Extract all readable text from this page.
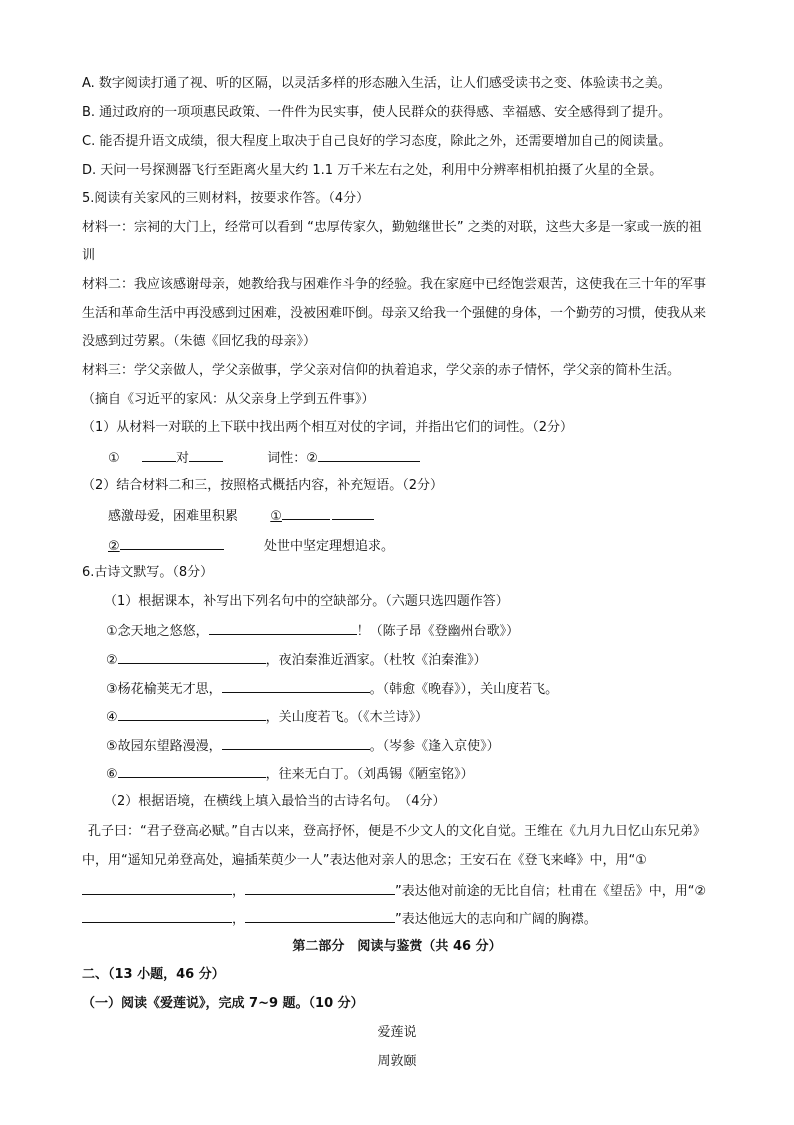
A. 数字阅读打通了视、听的区隔，以灵活多样的形态融入生活，让人们感受读书之变、体验读书之美。
B. 通过政府的一项项惠民政策、一件件为民实事，使人民群众的获得感、幸福感、安全感得到了提升。
C. 能否提升语文成绩，很大程度上取决于自己良好的学习态度，除此之外，还需要增加自己的阅读量。
D. 天问一号探测器飞行至距离火星大约 1.1 万千米左右之处，利用中分辨率相机拍摄了火星的全景。
5.阅读有关家风的三则材料，按要求作答。（4分）
材料一：宗祠的大门上，经常可以看到 “忠厚传家久，勤勉继世长” 之类的对联，这些大多是一家或一族的祖
训
材料二：我应该感谢母亲，她教给我与困难作斗争的经验。我在家庭中已经饱尝艰苦，这使我在三十年的军事
生活和革命生活中再没感到过困难，没被困难吓倒。母亲又给我一个强健的身体，一个勤劳的习惯，使我从来
没感到过劳累。（朱德《回忆我的母亲》）
材料三：学父亲做人，学父亲做事，学父亲对信仰的执着追求，学父亲的赤子情怀，学父亲的简朴生活。
（摘自《习近平的家风：从父亲身上学到五件事》）
（1）从材料一对联的上下联中找出两个相互对仗的字词，并指出它们的词性。（2分）
①	对	词性：②
（2）结合材料二和三，按照格式概括内容，补充短语。（2分）
感激母爱，困难里积累 ①
②	处世中坚定理想追求。
6.古诗文默写。（8分）
（1）根据课本，补写出下列名句中的空缺部分。（六题只选四题作答）
①念天地之悠悠，	！（陈子昂《登幽州台歌》）
②	，夜泊秦淮近酒家。（杜牧《泊秦淮》）
③杨花榆荚无才思，	。（韩愈《晚春》），关山度若飞。
④	，关山度若飞。（《木兰诗》）
⑤故园东望路漫漫，	。（岑参《逢入京使》）
⑥	，往来无白丁。（刘禹锡《陋室铭》）
（2）根据语境，在横线上填入最恰当的古诗名句。　（4分）
孔子曰：“君子登高必赋。”自古以来，登高抒怀，便是不少文人的文化自觉。王维在《九月九日忆山东兄弟》
中，用“遥知兄弟登高处，遍插茱萸少一人”表达他对亲人的思念；王安石在《登飞来峰》中，用“①
，	”表达他对前途的无比自信；杜甫在《望岳》中，用“②
，	”表达他远大的志向和广阔的胸襟。
第二部分　阅读与鉴赏（共 46 分）
二、（13 小题，46 分）
（一）阅读《爱莲说》，完成 7~9 题。（10 分）
爱莲说
周敦颐
